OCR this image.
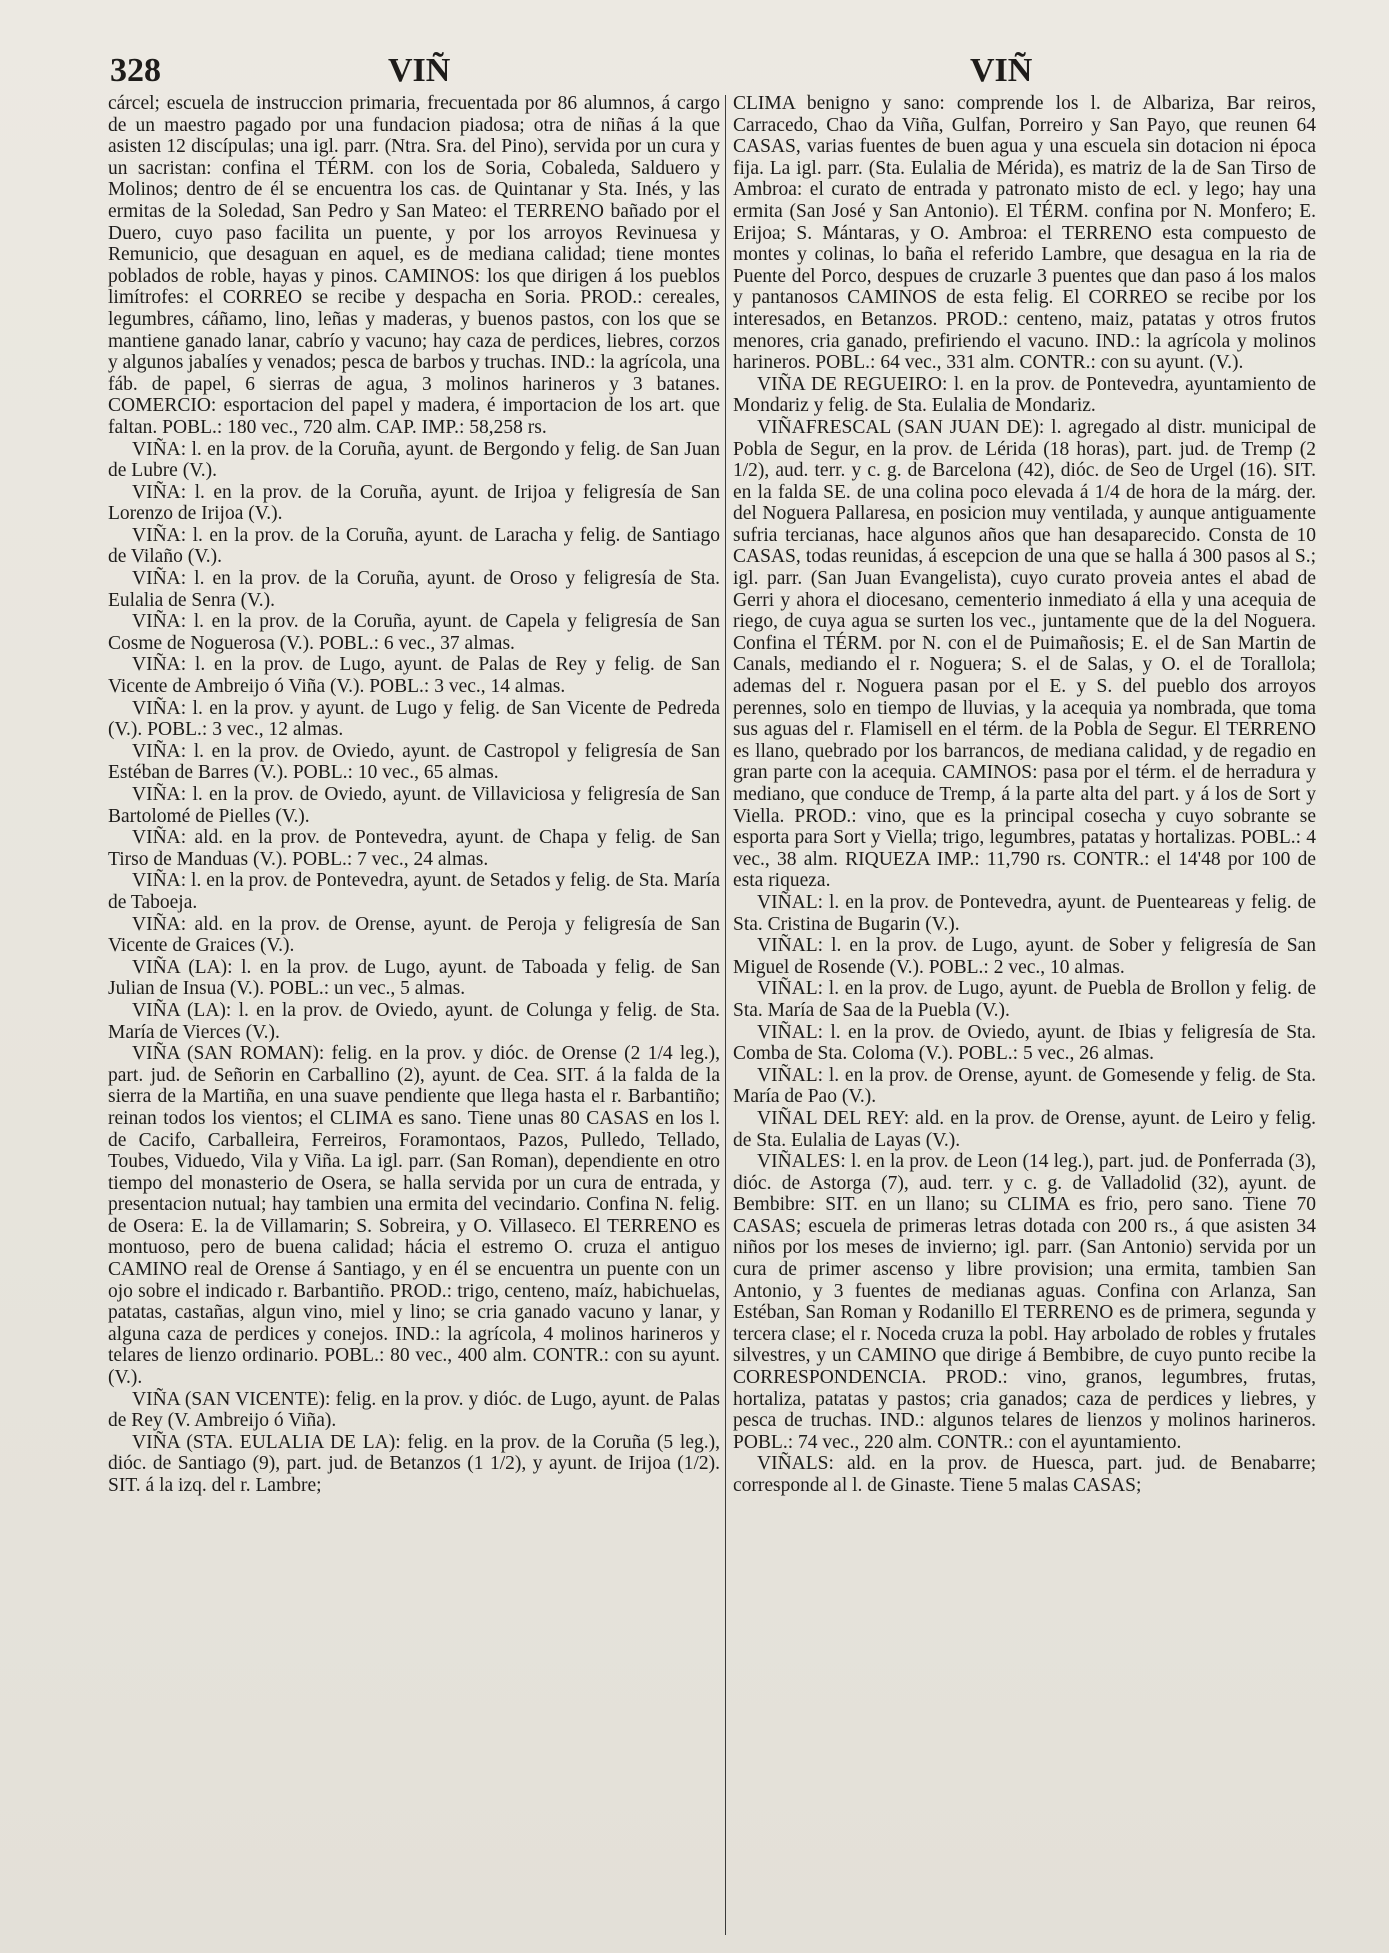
328	VIÑ	VIÑ

cárcel; escuela de instruccion primaria, frecuentada por 86 alumnos, á cargo de un maestro pagado por una fundacion piadosa; otra de niñas á la que asisten 12 discípulas; una igl. parr. (Ntra. Sra. del Pino), servida por un cura y un sacristan: confina el TÉRM. con los de Soria, Cobaleda, Salduero y Molinos; dentro de él se encuentra los cas. de Quintanar y Sta. Inés, y las ermitas de la Soledad, San Pedro y San Mateo: el TERRENO bañado por el Duero, cuyo paso facilita un puente, y por los arroyos Revinuesa y Remunicio, que desaguan en aquel, es de mediana calidad; tiene montes poblados de roble, hayas y pinos. CAMINOS: los que dirigen á los pueblos limítrofes: el CORREO se recibe y despacha en Soria. PROD.: cereales, legumbres, cáñamo, lino, leñas y maderas, y buenos pastos, con los que se mantiene ganado lanar, cabrío y vacuno; hay caza de perdices, liebres, corzos y algunos jabalíes y venados; pesca de barbos y truchas. IND.: la agrícola, una fáb. de papel, 6 sierras de agua, 3 molinos harineros y 3 batanes. COMERCIO: esportacion del papel y madera, é importacion de los art. que faltan. POBL.: 180 vec., 720 alm. CAP. IMP.: 58,258 rs.

VIÑA: l. en la prov. de la Coruña, ayunt. de Bergondo y felig. de San Juan de Lubre (V.).

VIÑA: l. en la prov. de la Coruña, ayunt. de Irijoa y feligresía de San Lorenzo de Irijoa (V.).

VIÑA: l. en la prov. de la Coruña, ayunt. de Laracha y felig. de Santiago de Vilaño (V.).

VIÑA: l. en la prov. de la Coruña, ayunt. de Oroso y feligresía de Sta. Eulalia de Senra (V.).

VIÑA: l. en la prov. de la Coruña, ayunt. de Capela y feligresía de San Cosme de Noguerosa (V.). POBL.: 6 vec., 37 almas.

VIÑA: l. en la prov. de Lugo, ayunt. de Palas de Rey y felig. de San Vicente de Ambreijo ó Viña (V.). POBL.: 3 vec., 14 almas.

VIÑA: l. en la prov. y ayunt. de Lugo y felig. de San Vicente de Pedreda (V.). POBL.: 3 vec., 12 almas.

VIÑA: l. en la prov. de Oviedo, ayunt. de Castropol y feligresía de San Estéban de Barres (V.). POBL.: 10 vec., 65 almas.

VIÑA: l. en la prov. de Oviedo, ayunt. de Villaviciosa y feligresía de San Bartolomé de Pielles (V.).

VIÑA: ald. en la prov. de Pontevedra, ayunt. de Chapa y felig. de San Tirso de Manduas (V.). POBL.: 7 vec., 24 almas.

VIÑA: l. en la prov. de Pontevedra, ayunt. de Setados y felig. de Sta. María de Taboeja.

VIÑA: ald. en la prov. de Orense, ayunt. de Peroja y feligresía de San Vicente de Graices (V.).

VIÑA (LA): l. en la prov. de Lugo, ayunt. de Taboada y felig. de San Julian de Insua (V.). POBL.: un vec., 5 almas.

VIÑA (LA): l. en la prov. de Oviedo, ayunt. de Colunga y felig. de Sta. María de Vierces (V.).

VIÑA (SAN ROMAN): felig. en la prov. y dióc. de Orense (2 1/4 leg.), part. jud. de Señorin en Carballino (2), ayunt. de Cea. SIT. á la falda de la sierra de la Martiña, en una suave pendiente que llega hasta el r. Barbantiño; reinan todos los vientos; el CLIMA es sano. Tiene unas 80 CASAS en los l. de Cacifo, Carballeira, Ferreiros, Foramontaos, Pazos, Pulledo, Tellado, Toubes, Viduedo, Vila y Viña. La igl. parr. (San Roman), dependiente en otro tiempo del monasterio de Osera, se halla servida por un cura de entrada, y presentacion nutual; hay tambien una ermita del vecindario. Confina N. felig. de Osera: E. la de Villamarin; S. Sobreira, y O. Villaseco. El TERRENO es montuoso, pero de buena calidad; hácia el estremo O. cruza el antiguo CAMINO real de Orense á Santiago, y en él se encuentra un puente con un ojo sobre el indicado r. Barbantiño. PROD.: trigo, centeno, maíz, habichuelas, patatas, castañas, algun vino, miel y lino; se cria ganado vacuno y lanar, y alguna caza de perdices y conejos. IND.: la agrícola, 4 molinos harineros y telares de lienzo ordinario. POBL.: 80 vec., 400 alm. CONTR.: con su ayunt. (V.).

VIÑA (SAN VICENTE): felig. en la prov. y dióc. de Lugo, ayunt. de Palas de Rey (V. Ambreijo ó Viña).

VIÑA (STA. EULALIA DE LA): felig. en la prov. de la Coruña (5 leg.), dióc. de Santiago (9), part. jud. de Betanzos (1 1/2), y ayunt. de Irijoa (1/2). SIT. á la izq. del r. Lambre;

CLIMA benigno y sano: comprende los l. de Albariza, Bar reiros, Carracedo, Chao da Viña, Gulfan, Porreiro y San Payo, que reunen 64 CASAS, varias fuentes de buen agua y una escuela sin dotacion ni época fija. La igl. parr. (Sta. Eulalia de Mérida), es matriz de la de San Tirso de Ambroa: el curato de entrada y patronato misto de ecl. y lego; hay una ermita (San José y San Antonio). El TÉRM. confina por N. Monfero; E. Erijoa; S. Mántaras, y O. Ambroa: el TERRENO esta compuesto de montes y colinas, lo baña el referido Lambre, que desagua en la ria de Puente del Porco, despues de cruzarle 3 puentes que dan paso á los malos y pantanosos CAMINOS de esta felig. El CORREO se recibe por los interesados, en Betanzos. PROD.: centeno, maiz, patatas y otros frutos menores, cria ganado, prefiriendo el vacuno. IND.: la agrícola y molinos harineros. POBL.: 64 vec., 331 alm. CONTR.: con su ayunt. (V.).

VIÑA DE REGUEIRO: l. en la prov. de Pontevedra, ayuntamiento de Mondariz y felig. de Sta. Eulalia de Mondariz.

VIÑAFRESCAL (SAN JUAN DE): l. agregado al distr. municipal de Pobla de Segur, en la prov. de Lérida (18 horas), part. jud. de Tremp (2 1/2), aud. terr. y c. g. de Barcelona (42), dióc. de Seo de Urgel (16). SIT. en la falda SE. de una colina poco elevada á 1/4 de hora de la márg. der. del Noguera Pallaresa, en posicion muy ventilada, y aunque antiguamente sufria tercianas, hace algunos años que han desaparecido. Consta de 10 CASAS, todas reunidas, á escepcion de una que se halla á 300 pasos al S.; igl. parr. (San Juan Evangelista), cuyo curato proveia antes el abad de Gerri y ahora el diocesano, cementerio inmediato á ella y una acequia de riego, de cuya agua se surten los vec., juntamente que de la del Noguera. Confina el TÉRM. por N. con el de Puimañosis; E. el de San Martin de Canals, mediando el r. Noguera; S. el de Salas, y O. el de Torallola; ademas del r. Noguera pasan por el E. y S. del pueblo dos arroyos perennes, solo en tiempo de lluvias, y la acequia ya nombrada, que toma sus aguas del r. Flamisell en el térm. de la Pobla de Segur. El TERRENO es llano, quebrado por los barrancos, de mediana calidad, y de regadio en gran parte con la acequia. CAMINOS: pasa por el térm. el de herradura y mediano, que conduce de Tremp, á la parte alta del part. y á los de Sort y Viella. PROD.: vino, que es la principal cosecha y cuyo sobrante se esporta para Sort y Viella; trigo, legumbres, patatas y hortalizas. POBL.: 4 vec., 38 alm. RIQUEZA IMP.: 11,790 rs. CONTR.: el 14'48 por 100 de esta riqueza.

VIÑAL: l. en la prov. de Pontevedra, ayunt. de Puenteareas y felig. de Sta. Cristina de Bugarin (V.).

VIÑAL: l. en la prov. de Lugo, ayunt. de Sober y feligresía de San Miguel de Rosende (V.). POBL.: 2 vec., 10 almas.

VIÑAL: l. en la prov. de Lugo, ayunt. de Puebla de Brollon y felig. de Sta. María de Saa de la Puebla (V.).

VIÑAL: l. en la prov. de Oviedo, ayunt. de Ibias y feligresía de Sta. Comba de Sta. Coloma (V.). POBL.: 5 vec., 26 almas.

VIÑAL: l. en la prov. de Orense, ayunt. de Gomesende y felig. de Sta. María de Pao (V.).

VIÑAL DEL REY: ald. en la prov. de Orense, ayunt. de Leiro y felig. de Sta. Eulalia de Layas (V.).

VIÑALES: l. en la prov. de Leon (14 leg.), part. jud. de Ponferrada (3), dióc. de Astorga (7), aud. terr. y c. g. de Valladolid (32), ayunt. de Bembibre: SIT. en un llano; su CLIMA es frio, pero sano. Tiene 70 CASAS; escuela de primeras letras dotada con 200 rs., á que asisten 34 niños por los meses de invierno; igl. parr. (San Antonio) servida por un cura de primer ascenso y libre provision; una ermita, tambien San Antonio, y 3 fuentes de medianas aguas. Confina con Arlanza, San Estéban, San Roman y Rodanillo El TERRENO es de primera, segunda y tercera clase; el r. Noceda cruza la pobl. Hay arbolado de robles y frutales silvestres, y un CAMINO que dirige á Bembibre, de cuyo punto recibe la CORRESPONDENCIA. PROD.: vino, granos, legumbres, frutas, hortaliza, patatas y pastos; cria ganados; caza de perdices y liebres, y pesca de truchas. IND.: algunos telares de lienzos y molinos harineros. POBL.: 74 vec., 220 alm. CONTR.: con el ayuntamiento.

VIÑALS: ald. en la prov. de Huesca, part. jud. de Benabarre; corresponde al l. de Ginaste. Tiene 5 malas CASAS;
